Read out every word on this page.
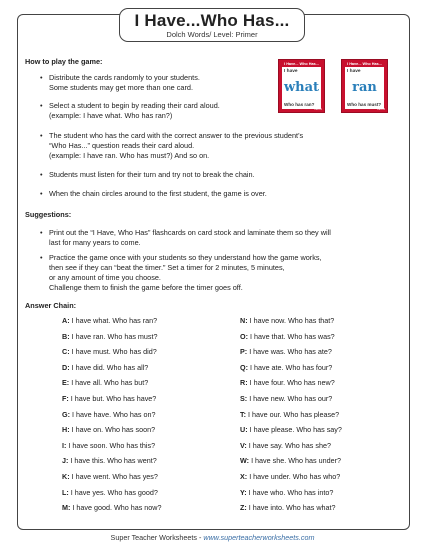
I Have...Who Has...
Dolch Words/ Level: Primer
How to play the game:
• Distribute the cards randomly to your students.
Some students may get more than one card.
• Select a student to begin by reading their card aloud.
(example: I have what. Who has ran?)
• The student who has the card with the correct answer to the previous student’s
“Who Has...” question reads their card aloud.
(example: I have ran. Who has must?) And so on.
• Students must listen for their turn and try not to break the chain.
• When the chain circles around to the first student, the game is over.
I Have... Who Has...
I have
what
Who has ran?
Card A
I Have... Who Has...
I have
ran
Who has must?
Card B
Suggestions:
• Print out the “I Have, Who Has” flashcards on card stock and laminate them so they will
last for many years to come.
• Practice the game once with your students so they understand how the game works,
then see if they can “beat the timer.” Set a timer for 2 minutes, 5 minutes,
or any amount of time you choose.
Challenge them to finish the game before the timer goes off.
Answer Chain:
A: I have what. Who has ran?
B: I have ran. Who has must?
C: I have must. Who has did?
D: I have did. Who has all?
E: I have all. Who has but?
F: I have but. Who has have?
G: I have have. Who has on?
H: I have on. Who has soon?
I: I have soon. Who has this?
J: I have this. Who has went?
K: I have went. Who has yes?
L: I have yes. Who has good?
M: I have good. Who has now?
N: I have now. Who has that?
O: I have that. Who has was?
P: I have was. Who has ate?
Q: I have ate. Who has four?
R: I have four. Who has new?
S: I have new. Who has our?
T: I have our. Who has please?
U: I have please. Who has say?
V: I have say. Who has she?
W: I have she. Who has under?
X: I have under. Who has who?
Y: I have who. Who has into?
Z: I have into. Who has what?
Super Teacher Worksheets - www.superteacherworksheets.com
